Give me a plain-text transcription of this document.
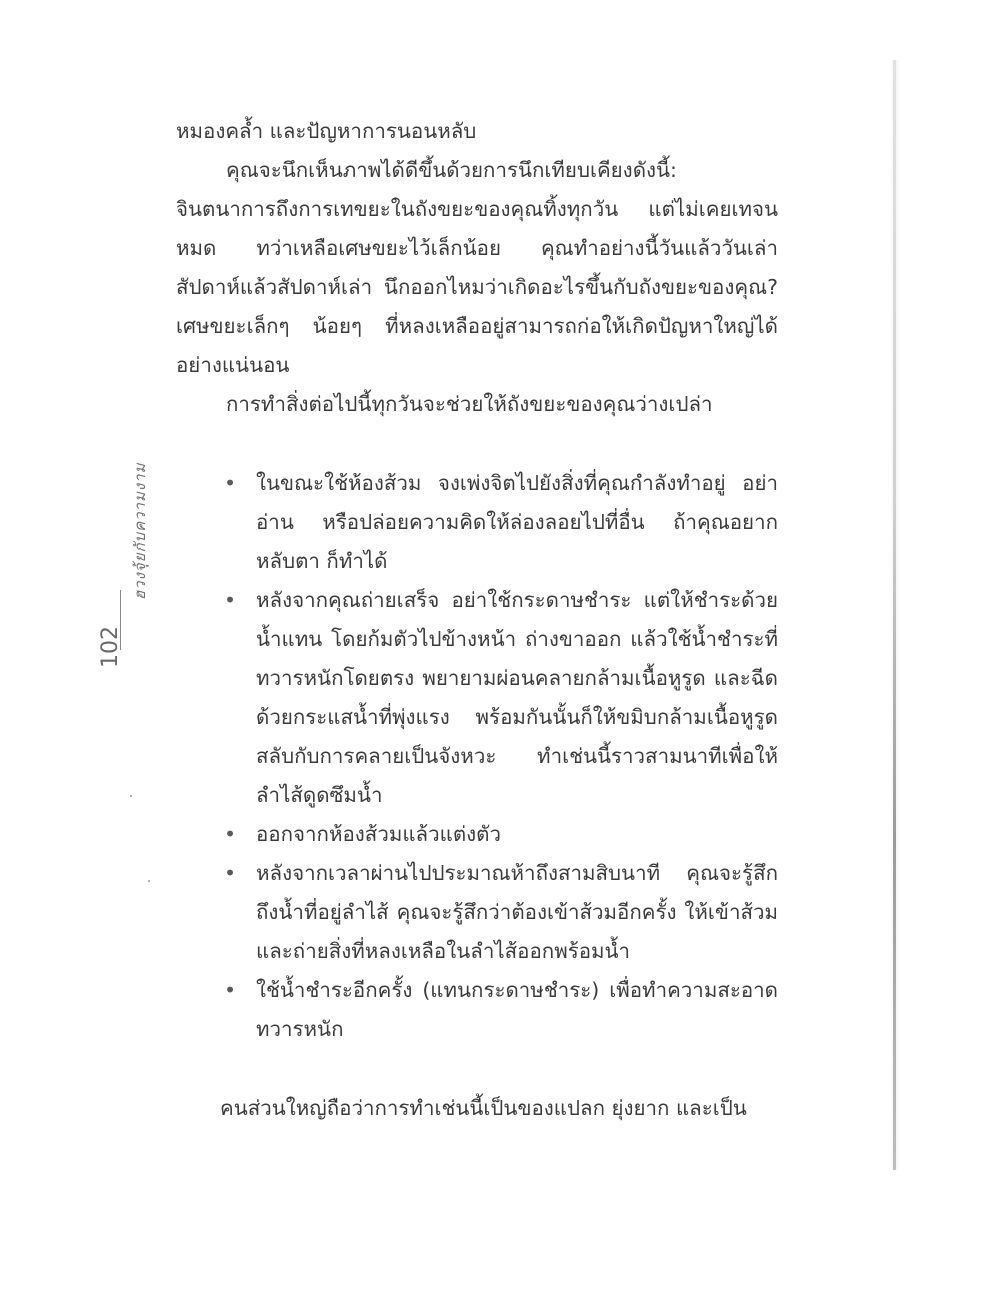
ฮวงจุ้ยกับความงาม
102

หมองคล้ำ และปัญหาการนอนหลับ

คุณจะนึกเห็นภาพได้ดีขึ้นด้วยการนึกเทียบเคียงดังนี้: จินตนาการถึงการเทขยะในถังขยะของคุณทิ้งทุกวัน แต่ไม่เคยเทจนหมด ทว่าเหลือเศษขยะไว้เล็กน้อย คุณทำอย่างนี้วันแล้ววันเล่า สัปดาห์แล้วสัปดาห์เล่า นึกออกไหมว่าเกิดอะไรขึ้นกับถังขยะของคุณ? เศษขยะเล็กๆ น้อยๆ ที่หลงเหลืออยู่สามารถก่อให้เกิดปัญหาใหญ่ได้อย่างแน่นอน

การทำสิ่งต่อไปนี้ทุกวันจะช่วยให้ถังขยะของคุณว่างเปล่า

• ในขณะใช้ห้องส้วม จงเพ่งจิตไปยังสิ่งที่คุณกำลังทำอยู่ อย่าอ่าน หรือปล่อยความคิดให้ล่องลอยไปที่อื่น ถ้าคุณอยากหลับตา ก็ทำได้
• หลังจากคุณถ่ายเสร็จ อย่าใช้กระดาษชำระ แต่ให้ชำระด้วยน้ำแทน โดยก้มตัวไปข้างหน้า ถ่างขาออก แล้วใช้น้ำชำระที่ทวารหนักโดยตรง พยายามผ่อนคลายกล้ามเนื้อหูรูด และฉีดด้วยกระแสน้ำที่พุ่งแรง พร้อมกันนั้นก็ให้ขมิบกล้ามเนื้อหูรูดสลับกับการคลายเป็นจังหวะ ทำเช่นนี้ราวสามนาทีเพื่อให้ลำไส้ดูดซึมน้ำ
• ออกจากห้องส้วมแล้วแต่งตัว
• หลังจากเวลาผ่านไปประมาณห้าถึงสามสิบนาที คุณจะรู้สึกถึงน้ำที่อยู่ลำไส้ คุณจะรู้สึกว่าต้องเข้าส้วมอีกครั้ง ให้เข้าส้วมและถ่ายสิ่งที่หลงเหลือในลำไส้ออกพร้อมน้ำ
• ใช้น้ำชำระอีกครั้ง (แทนกระดาษชำระ) เพื่อทำความสะอาดทวารหนัก

คนส่วนใหญ่ถือว่าการทำเช่นนี้เป็นของแปลก ยุ่งยาก และเป็น
